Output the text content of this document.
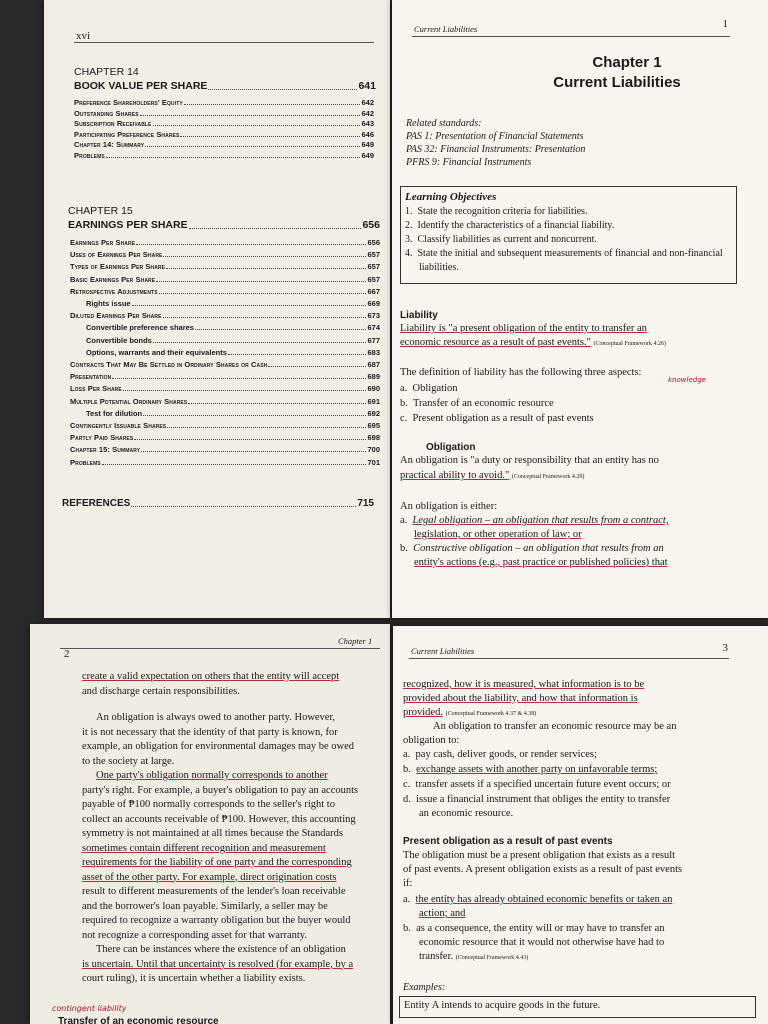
xvi
CHAPTER 14
BOOK VALUE PER SHARE	641
Preference Shareholders' Equity	642
Outstanding Shares	642
Subscription Receivable	643
Participating Preference Shares	646
Chapter 14: Summary	649
Problems	649
CHAPTER 15
EARNINGS PER SHARE	656
Earnings Per Share	656
Uses of Earnings Per Share	657
Types of Earnings Per Share	657
Basic Earnings Per Share	657
Retrospective Adjustments	667
Rights issue	669
Diluted Earnings Per Share	673
Convertible preference shares	674
Convertible bonds	677
Options, warrants and their equivalents	683
Contracts That May Be Settled in Ordinary Shares or Cash	687
Presentation	689
Loss Per Share	690
Multiple Potential Ordinary Shares	691
Test for dilution	692
Contingently Issuable Shares	695
Partly Paid Shares	698
Chapter 15: Summary	700
Problems	701
REFERENCES	715
Current Liabilities	1
Chapter 1
Current Liabilities
Related standards:
PAS 1: Presentation of Financial Statements
PAS 32: Financial Instruments: Presentation
PFRS 9: Financial Instruments
Learning Objectives
1.  State the recognition criteria for liabilities.
2.  Identify the characteristics of a financial liability.
3.  Classify liabilities as current and noncurrent.
4.  State the initial and subsequent measurements of financial and non-financial liabilities.
Liability
Liability is "a present obligation of the entity to transfer an
economic resource as a result of past events." (Conceptual Framework 4.26)
The definition of liability has the following three aspects:
knowledge
a.  Obligation
b.  Transfer of an economic resource
c.  Present obligation as a result of past events
Obligation
An obligation is "a duty or responsibility that an entity has no
practical ability to avoid." (Conceptual Framework 4.29)
An obligation is either:
a.  Legal obligation – an obligation that results from a contract,
legislation, or other operation of law; or
b.  Constructive obligation – an obligation that results from an
entity's actions (e.g., past practice or published policies) that
2
Chapter 1
create a valid expectation on others that the entity will accept
and discharge certain responsibilities.
An obligation is always owed to another party. However,
it is not necessary that the identity of that party is known, for
example, an obligation for environmental damages may be owed
to the society at large.
One party's obligation normally corresponds to another
party's right. For example, a buyer's obligation to pay an accounts
payable of ₱100 normally corresponds to the seller's right to
collect an accounts receivable of ₱100. However, this accounting
symmetry is not maintained at all times because the Standards
sometimes contain different recognition and measurement
requirements for the liability of one party and the corresponding
asset of the other party. For example, direct origination costs
result to different measurements of the lender's loan receivable
and the borrower's loan payable. Similarly, a seller may be
required to recognize a warranty obligation but the buyer would
not recognize a corresponding asset for that warranty.
There can be instances where the existence of an obligation
is uncertain. Until that uncertainty is resolved (for example, by a
court ruling), it is uncertain whether a liability exists.
contingent liability
Transfer of an economic resource
Current Liabilities	3
recognized, how it is measured, what information is to be
provided about the liability, and how that information is
provided. (Conceptual Framework 4.37 & 4.38)
An obligation to transfer an economic resource may be an
obligation to:
a.  pay cash, deliver goods, or render services;
b.  exchange assets with another party on unfavorable terms;
c.  transfer assets if a specified uncertain future event occurs; or
d.  issue a financial instrument that obliges the entity to transfer
an economic resource.
Present obligation as a result of past events
The obligation must be a present obligation that exists as a result
of past events. A present obligation exists as a result of past events
if:
a.  the entity has already obtained economic benefits or taken an
action; and
b.  as a consequence, the entity will or may have to transfer an
economic resource that it would not otherwise have had to
transfer. (Conceptual Framework 4.43)
Examples:
Entity A intends to acquire goods in the future.
